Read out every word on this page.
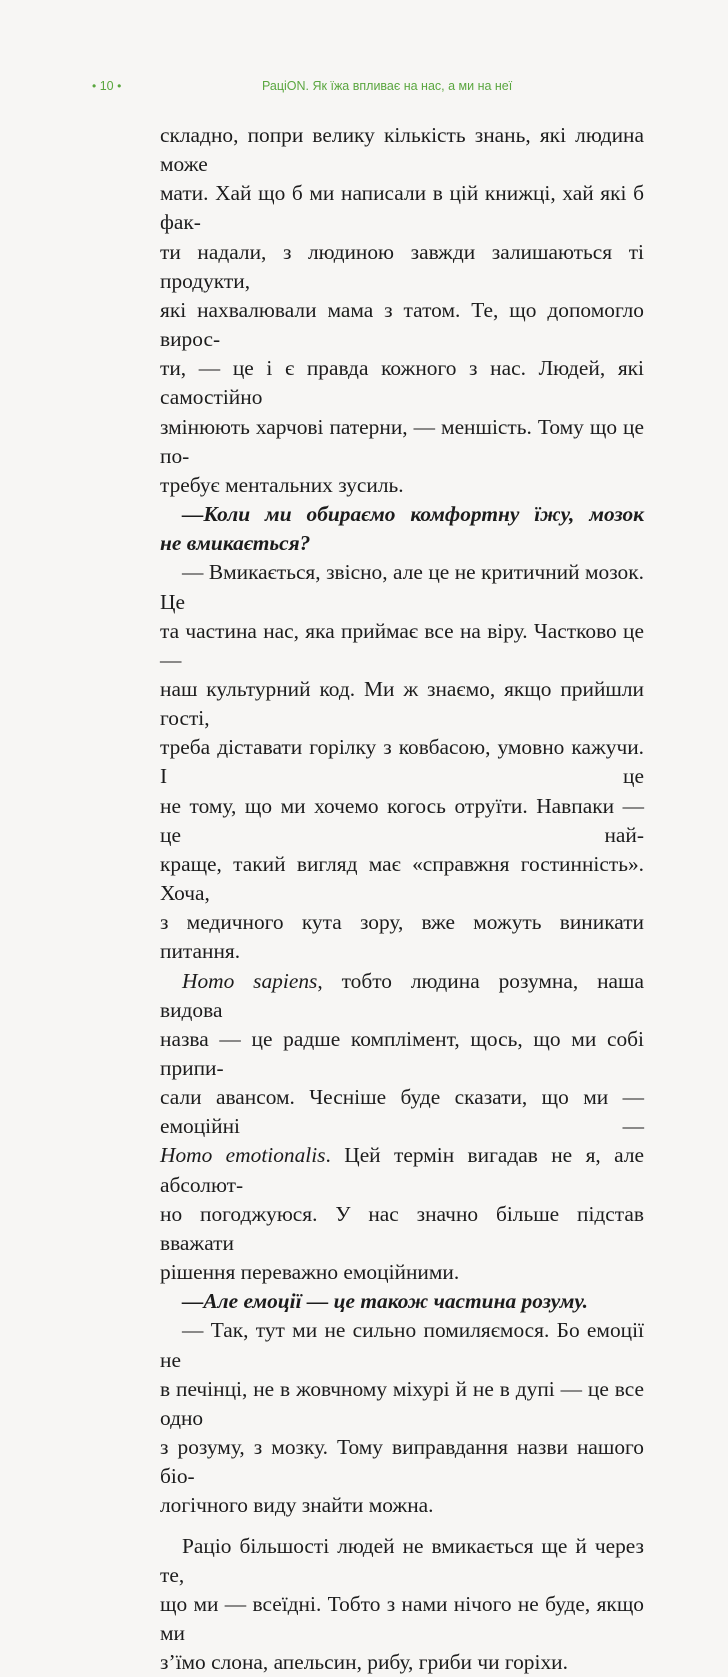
• 10 •	РаціON. Як їжа впливає на нас, а ми на неї

складно, попри велику кількість знань, які людина може

мати. Хай що б ми написали в цій книжці, хай які б фак-

ти надали, з людиною завжди залишаються ті продукти,

які нахвалювали мама з татом. Те, що допомогло вирос-

ти, — це і є правда кожного з нас. Людей, які самостійно

змінюють харчові патерни, — меншість. Тому що це по-

требує ментальних зусиль.

—Коли ми обираємо комфортну їжу, мозок

не вмикається?

— Вмикається, звісно, але це не критичний мозок. Це

та частина нас, яка приймає все на віру. Частково це —

наш культурний код. Ми ж знаємо, якщо прийшли гості,

треба діставати горілку з ковбасою, умовно кажучи. І це

не тому, що ми хочемо когось отруїти. Навпаки — це най-

краще, такий вигляд має «справжня гостинність». Хоча,

з медичного кута зору, вже можуть виникати питання.

Homo sapiens, тобто людина розумна, наша видова

назва — це радше комплімент, щось, що ми собі припи-

сали авансом. Чесніше буде сказати, що ми — емоційні —

Homo emotionalis. Цей термін вигадав не я, але абсолют-

но погоджуюся. У нас значно більше підстав вважати

рішення переважно емоційними.

—Але емоції — це також частина розуму.

— Так, тут ми не сильно помиляємося. Бо емоції не

в печінці, не в жовчному міхурі й не в дупі — це все одно

з розуму, з мозку. Тому виправдання назви нашого біо-

логічного виду знайти можна.

Раціо більшості людей не вмикається ще й через те,

що ми — всеїдні. Тобто з нами нічого не буде, якщо ми

з’їмо слона, апельсин, рибу, гриби чи горіхи.
